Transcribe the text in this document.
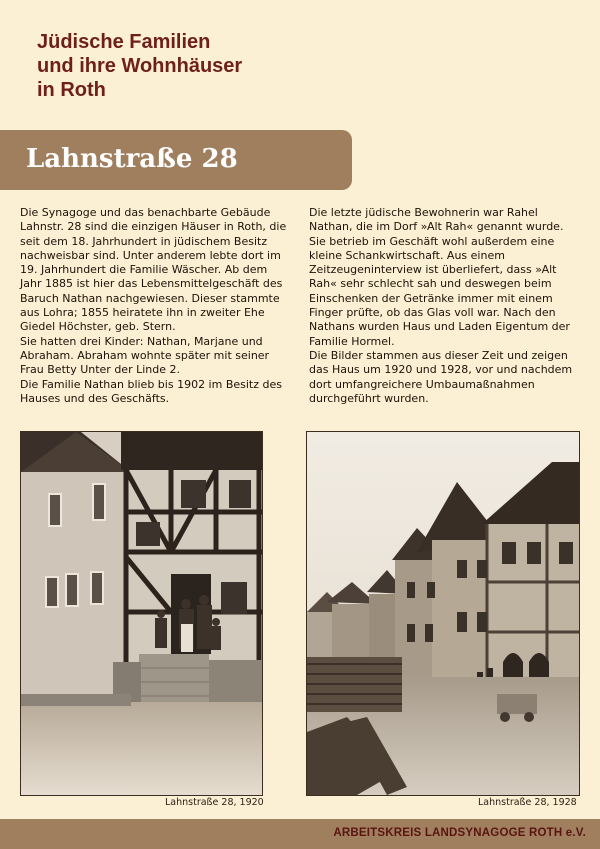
Jüdische Familien
und ihre Wohnhäuser
in Roth
Lahnstraße 28

Die Synagoge und das benachbarte Gebäude Lahnstr. 28 sind die einzigen Häuser in Roth, die seit dem 18. Jahrhundert in jüdischem Besitz nachweisbar sind. Unter anderem lebte dort im 19. Jahrhundert die Familie Wäscher. Ab dem Jahr 1885 ist hier das Lebensmittelgeschäft des Baruch Nathan nachgewiesen. Dieser stammte aus Lohra; 1855 heiratete ihn in zweiter Ehe Giedel Höchster, geb. Stern.

Sie hatten drei Kinder: Nathan, Marjane und Abraham. Abraham wohnte später mit seiner Frau Betty Unter der Linde 2.

Die Familie Nathan blieb bis 1902 im Besitz des Hauses und des Geschäfts.

Die letzte jüdische Bewohnerin war Rahel Nathan, die im Dorf »Alt Rah« genannt wurde. Sie betrieb im Geschäft wohl außerdem eine kleine Schankwirtschaft. Aus einem Zeitzeugeninterview ist überliefert, dass »Alt Rah« sehr schlecht sah und deswegen beim Einschenken der Getränke immer mit einem Finger prüfte, ob das Glas voll war. Nach den Nathans wurden Haus und Laden Eigentum der Familie Hormel.

Die Bilder stammen aus dieser Zeit und zeigen das Haus um 1920 und 1928, vor und nachdem dort umfangreichere Umbaumaßnahmen durchgeführt wurden.

Lahnstraße 28, 1920	Lahnstraße 28, 1928
ARBEITSKREIS LANDSYNAGOGE ROTH e.V.
